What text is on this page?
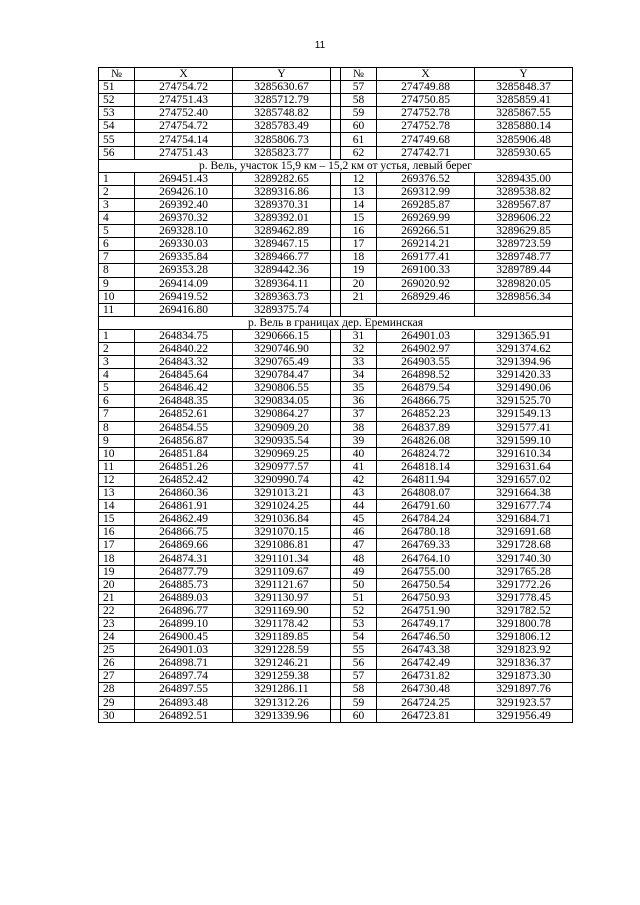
11
№	X	Y		№	X	Y
51	274754.72	3285630.67		57	274749.88	3285848.37
52	274751.43	3285712.79		58	274750.85	3285859.41
53	274752.40	3285748.82		59	274752.78	3285867.55
54	274754.72	3285783.49		60	274752.78	3285880.14
55	274754.14	3285806.73		61	274749.68	3285906.48
56	274751.43	3285823.77		62	274742.71	3285930.65
р. Вель, участок 15,9 км – 15,2 км от устья, левый берег						
1	269451.43	3289282.65		12	269376.52	3289435.00
2	269426.10	3289316.86		13	269312.99	3289538.82
3	269392.40	3289370.31		14	269285.87	3289567.87
4	269370.32	3289392.01		15	269269.99	3289606.22
5	269328.10	3289462.89		16	269266.51	3289629.85
6	269330.03	3289467.15		17	269214.21	3289723.59
7	269335.84	3289466.77		18	269177.41	3289748.77
8	269353.28	3289442.36		19	269100.33	3289789.44
9	269414.09	3289364.11		20	269020.92	3289820.05
10	269419.52	3289363.73		21	268929.46	3289856.34
11	269416.80	3289375.74				
р. Вель в границах дер. Ереминская						
1	264834.75	3290666.15		31	264901.03	3291365.91
2	264840.22	3290746.90		32	264902.97	3291374.62
3	264843.32	3290765.49		33	264903.55	3291394.96
4	264845.64	3290784.47		34	264898.52	3291420.33
5	264846.42	3290806.55		35	264879.54	3291490.06
6	264848.35	3290834.05		36	264866.75	3291525.70
7	264852.61	3290864.27		37	264852.23	3291549.13
8	264854.55	3290909.20		38	264837.89	3291577.41
9	264856.87	3290935.54		39	264826.08	3291599.10
10	264851.84	3290969.25		40	264824.72	3291610.34
11	264851.26	3290977.57		41	264818.14	3291631.64
12	264852.42	3290990.74		42	264811.94	3291657.02
13	264860.36	3291013.21		43	264808.07	3291664.38
14	264861.91	3291024.25		44	264791.60	3291677.74
15	264862.49	3291036.84		45	264784.24	3291684.71
16	264866.75	3291070.15		46	264780.18	3291691.68
17	264869.66	3291086.81		47	264769.33	3291728.68
18	264874.31	3291101.34		48	264764.10	3291740.30
19	264877.79	3291109.67		49	264755.00	3291765.28
20	264885.73	3291121.67		50	264750.54	3291772.26
21	264889.03	3291130.97		51	264750.93	3291778.45
22	264896.77	3291169.90		52	264751.90	3291782.52
23	264899.10	3291178.42		53	264749.17	3291800.78
24	264900.45	3291189.85		54	264746.50	3291806.12
25	264901.03	3291228.59		55	264743.38	3291823.92
26	264898.71	3291246.21		56	264742.49	3291836.37
27	264897.74	3291259.38		57	264731.82	3291873.30
28	264897.55	3291286.11		58	264730.48	3291897.76
29	264893.48	3291312.26		59	264724.25	3291923.57
30	264892.51	3291339.96		60	264723.81	3291956.49
